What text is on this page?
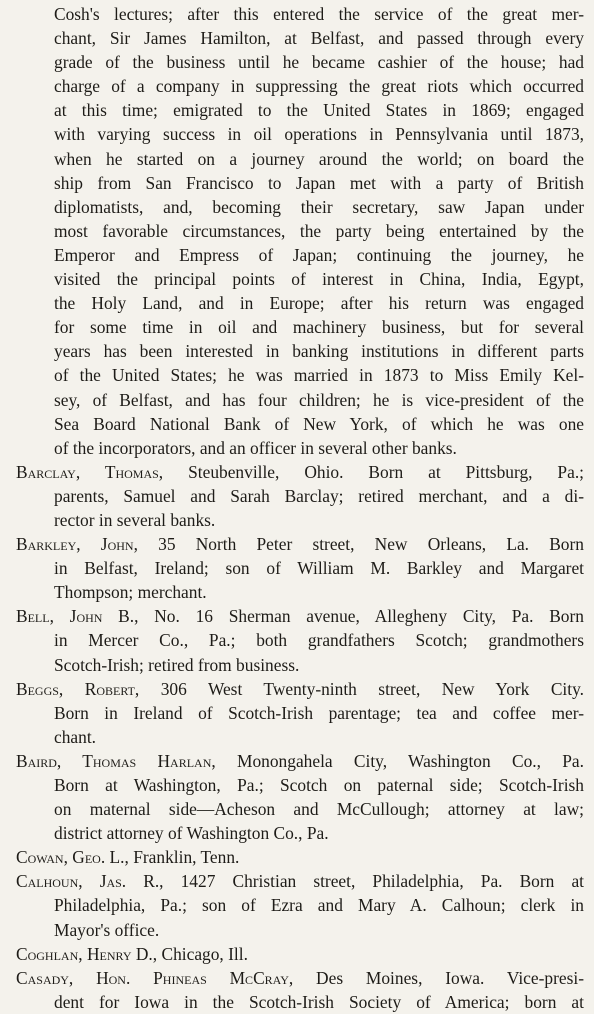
Cosh's lectures; after this entered the service of the great mer-
chant, Sir James Hamilton, at Belfast, and passed through every
grade of the business until he became cashier of the house; had
charge of a company in suppressing the great riots which occurred
at this time; emigrated to the United States in 1869; engaged
with varying success in oil operations in Pennsylvania until 1873,
when he started on a journey around the world; on board the
ship from San Francisco to Japan met with a party of British
diplomatists, and, becoming their secretary, saw Japan under
most favorable circumstances, the party being entertained by the
Emperor and Empress of Japan; continuing the journey, he
visited the principal points of interest in China, India, Egypt,
the Holy Land, and in Europe; after his return was engaged
for some time in oil and machinery business, but for several
years has been interested in banking institutions in different parts
of the United States; he was married in 1873 to Miss Emily Kel-
sey, of Belfast, and has four children; he is vice-president of the
Sea Board National Bank of New York, of which he was one
of the incorporators, and an officer in several other banks.
Barclay, Thomas, Steubenville, Ohio. Born at Pittsburg, Pa.;
parents, Samuel and Sarah Barclay; retired merchant, and a di-
rector in several banks.
Barkley, John, 35 North Peter street, New Orleans, La. Born
in Belfast, Ireland; son of William M. Barkley and Margaret
Thompson; merchant.
Bell, John B., No. 16 Sherman avenue, Allegheny City, Pa. Born
in Mercer Co., Pa.; both grandfathers Scotch; grandmothers
Scotch-Irish; retired from business.
Beggs, Robert, 306 West Twenty-ninth street, New York City.
Born in Ireland of Scotch-Irish parentage; tea and coffee mer-
chant.
Baird, Thomas Harlan, Monongahela City, Washington Co., Pa.
Born at Washington, Pa.; Scotch on paternal side; Scotch-Irish
on maternal side—Acheson and McCullough; attorney at law;
district attorney of Washington Co., Pa.
Cowan, Geo. L., Franklin, Tenn.
Calhoun, Jas. R., 1427 Christian street, Philadelphia, Pa. Born at
Philadelphia, Pa.; son of Ezra and Mary A. Calhoun; clerk in
Mayor's office.
Coghlan, Henry D., Chicago, Ill.
Casady, Hon. Phineas McCray, Des Moines, Iowa. Vice-presi-
dent for Iowa in the Scotch-Irish Society of America; born at
